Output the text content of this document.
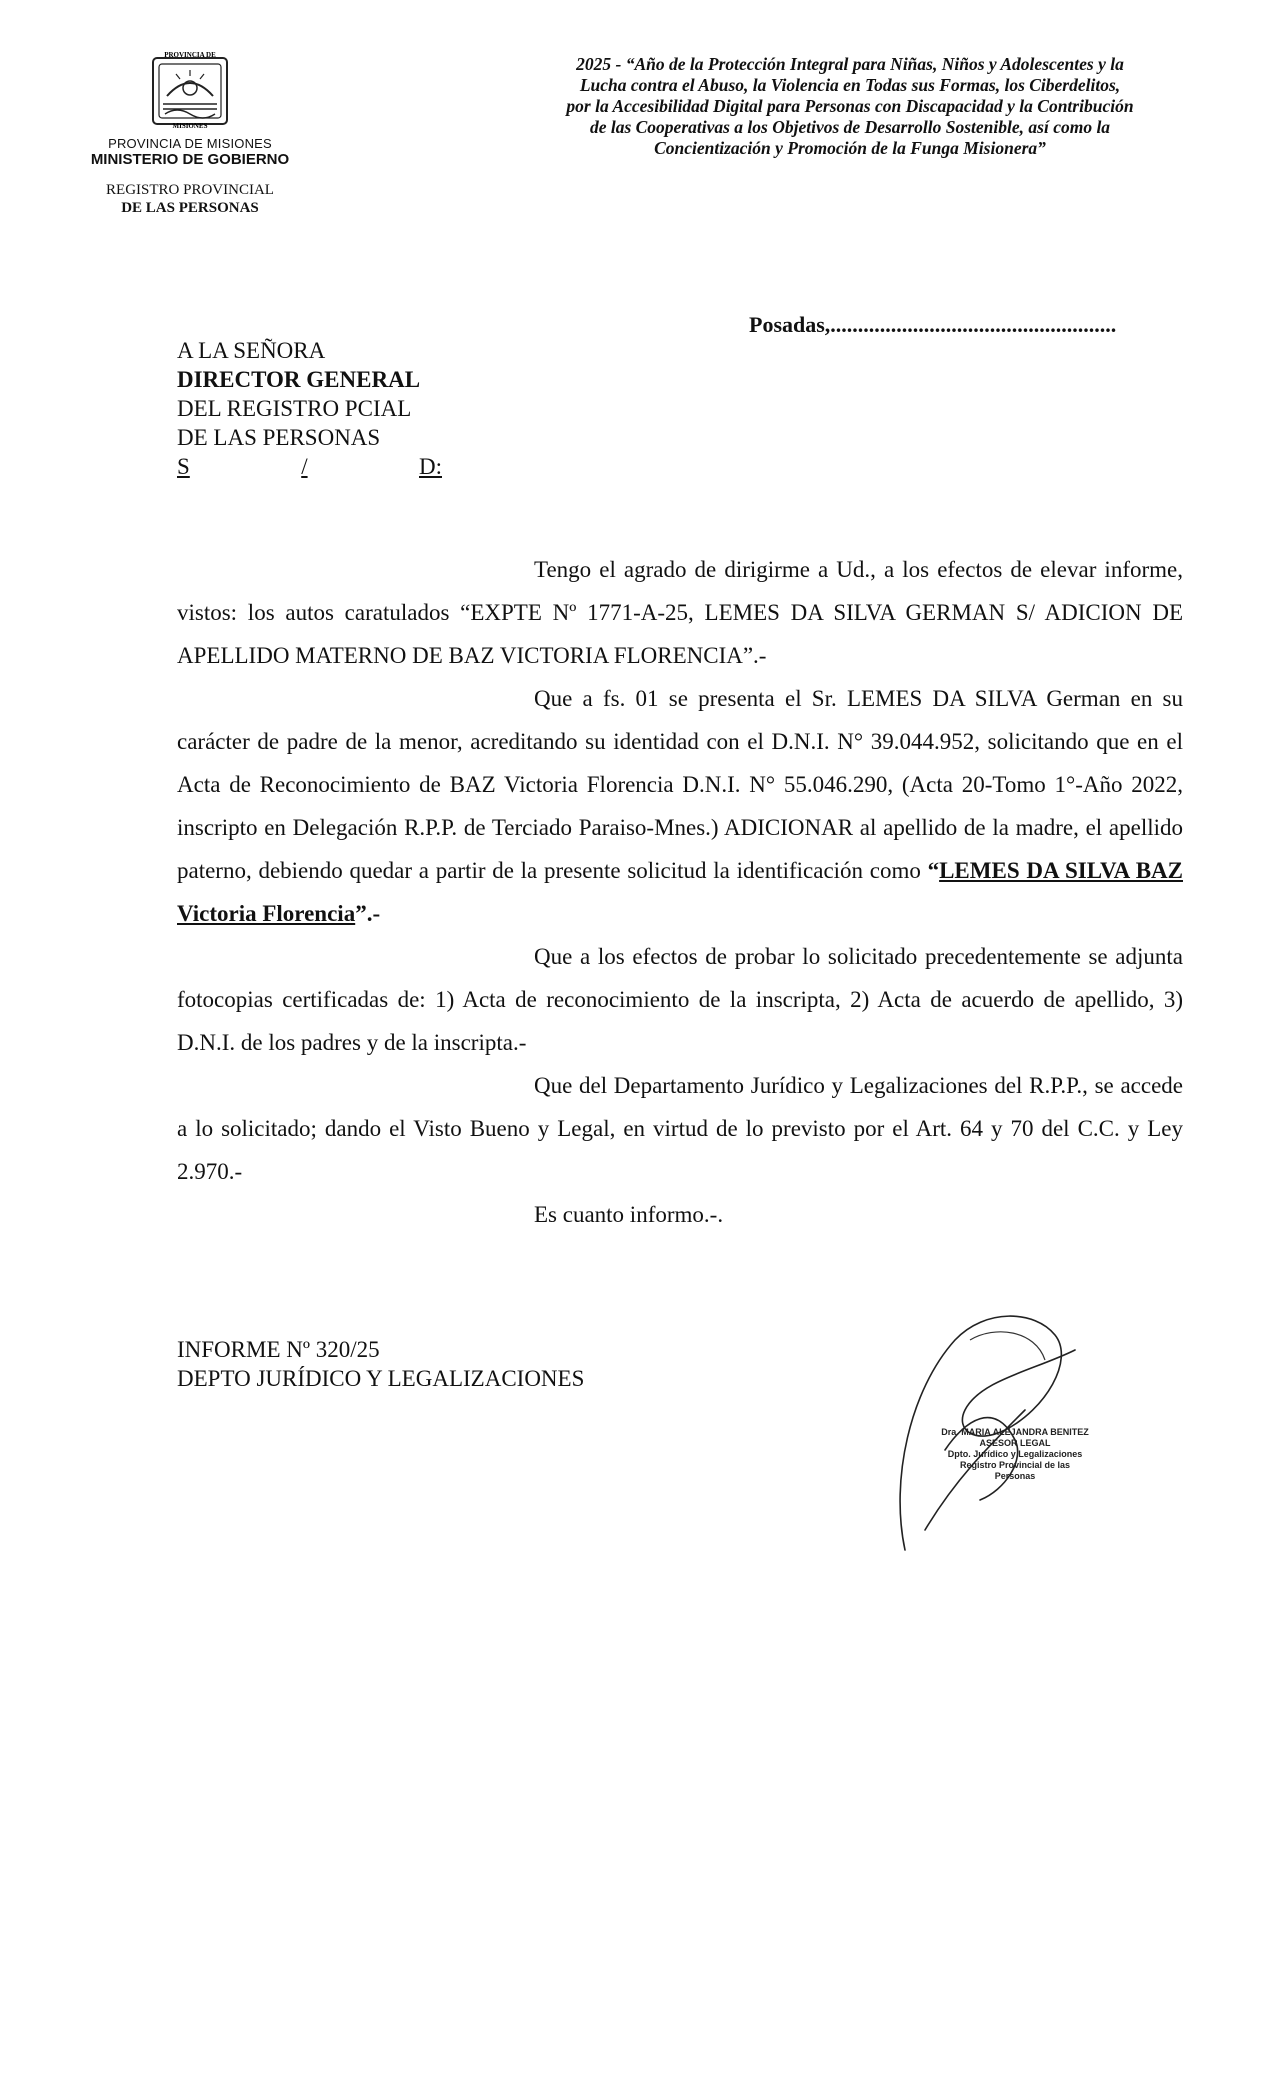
PROVINCIA DE
MISIONES
PROVINCIA DE MISIONES
MINISTERIO DE GOBIERNO
REGISTRO PROVINCIAL
DE LAS PERSONAS
2025 - “Año de la Protección Integral para Niñas, Niños y Adolescentes y la
Lucha contra el Abuso, la Violencia en Todas sus Formas, los Ciberdelitos,
por la Accesibilidad Digital para Personas con Discapacidad y la Contribución
de las Cooperativas a los Objetivos de Desarrollo Sostenible, así como la
Concientización y Promoción de la Funga Misionera”
Posadas,....................................................
A LA SEÑORA
DIRECTOR GENERAL
DEL REGISTRO PCIAL
DE LAS PERSONAS
S	/	D:

Tengo el agrado de dirigirme a Ud., a los efectos de elevar informe, vistos: los autos caratulados “EXPTE Nº 1771-A-25, LEMES DA SILVA GERMAN S/ ADICION DE APELLIDO MATERNO DE BAZ VICTORIA FLORENCIA”.-

Que a fs. 01 se presenta el Sr. LEMES DA SILVA German en su carácter de padre de la menor, acreditando su identidad con el D.N.I. N° 39.044.952, solicitando que en el Acta de Reconocimiento de BAZ Victoria Florencia D.N.I. N° 55.046.290, (Acta 20-Tomo 1°-Año 2022, inscripto en Delegación R.P.P. de Terciado Paraiso-Mnes.) ADICIONAR al apellido de la madre, el apellido paterno, debiendo quedar a partir de la presente solicitud la identificación como “LEMES DA SILVA BAZ Victoria Florencia”.-

Que a los efectos de probar lo solicitado precedentemente se adjunta fotocopias certificadas de: 1) Acta de reconocimiento de la inscripta, 2) Acta de acuerdo de apellido, 3) D.N.I. de los padres y de la inscripta.-

Que del Departamento Jurídico y Legalizaciones del R.P.P., se accede a lo solicitado; dando el Visto Bueno y Legal, en virtud de lo previsto por el Art. 64 y 70 del C.C. y Ley 2.970.-

Es cuanto informo.-.

INFORME Nº 320/25
DEPTO JURÍDICO Y LEGALIZACIONES
Dra. MARIA ALEJANDRA BENITEZ
ASESOR LEGAL
Dpto. Jurídico y Legalizaciones
Registro Provincial de las Personas
